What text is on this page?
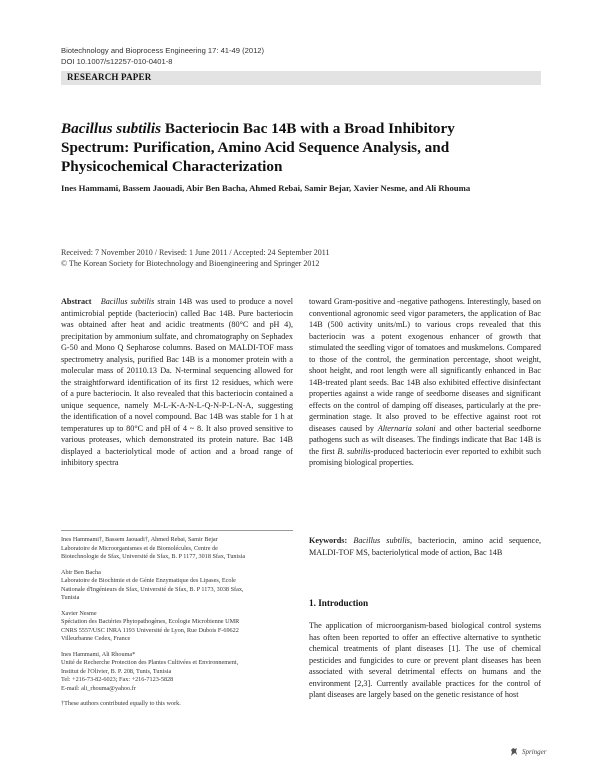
Biotechnology and Bioprocess Engineering 17: 41-49 (2012)
DOI 10.1007/s12257-010-0401-8
RESEARCH PAPER
Bacillus subtilis Bacteriocin Bac 14B with a Broad Inhibitory
Spectrum: Purification, Amino Acid Sequence Analysis, and
Physicochemical Characterization
Ines Hammami, Bassem Jaouadi, Abir Ben Bacha, Ahmed Rebai, Samir Bejar, Xavier Nesme, and Ali Rhouma
Received: 7 November 2010 / Revised: 1 June 2011 / Accepted: 24 September 2011
© The Korean Society for Biotechnology and Bioengineering and Springer 2012

Abstract Bacillus subtilis strain 14B was used to produce a novel antimicrobial peptide (bacteriocin) called Bac 14B. Pure bacteriocin was obtained after heat and acidic treatments (80°C and pH 4), precipitation by ammonium sulfate, and chromatography on Sephadex G-50 and Mono Q Sepharose columns. Based on MALDI-TOF mass spectrometry analysis, purified Bac 14B is a monomer protein with a molecular mass of 20110.13 Da. N-terminal sequencing allowed for the straightforward identification of its first 12 residues, which were of a pure bacteriocin. It also revealed that this bacteriocin contained a unique sequence, namely M-L-K-A-N-L-Q-N-P-L-N-A, suggesting the identification of a novel compound. Bac 14B was stable for 1 h at temperatures up to 80°C and pH of 4 ~ 8. It also proved sensitive to various proteases, which demonstrated its protein nature. Bac 14B displayed a bacteriolytical mode of action and a broad range of inhibitory spectra

toward Gram-positive and -negative pathogens. Interestingly, based on conventional agronomic seed vigor parameters, the application of Bac 14B (500 activity units/mL) to various crops revealed that this bacteriocin was a potent exogenous enhancer of growth that stimulated the seedling vigor of tomatoes and muskmelons. Compared to those of the control, the germination percentage, shoot weight, shoot height, and root length were all significantly enhanced in Bac 14B-treated plant seeds. Bac 14B also exhibited effective disinfectant properties against a wide range of seedborne diseases and significant effects on the control of damping off diseases, particularly at the pre-germination stage. It also proved to be effective against root rot diseases caused by Alternaria solani and other bacterial seedborne pathogens such as wilt diseases. The findings indicate that Bac 14B is the first B. subtilis-produced bacteriocin ever reported to exhibit such promising biological properties.

Ines Hammami†, Bassem Jaouadi†, Ahmed Rebai, Samir Bejar
Laboratoire de Microorganismes et de Biomolécules, Centre de
Biotechnologie de Sfax, Université de Sfax, B. P 1177, 3018 Sfax, Tunisia
Abir Ben Bacha
Laboratoire de Biochimie et de Génie Enzymatique des Lipases, Ecole
Nationale d'Ingénieurs de Sfax, Université de Sfax, B. P 1173, 3038 Sfax,
Tunisia
Xavier Nesme
Spéciation des Bactéries Phytopathogènes, Ecologie Microbienne UMR
CNRS 5557/USC INRA 1193 Université de Lyon, Rue Dubois F-69622
Villeurbanne Cedex, France
Ines Hammami, Ali Rhouma*
Unité de Recherche Protection des Plantes Cultivées et Environnement,
Institut de l'Olivier, B. P. 208, Tunis, Tunisia
Tel: +216-73-82-6023; Fax: +216-7123-5828
E-mail: ali_rhouma@yahoo.fr
†These authors contributed equally to this work.

Keywords: Bacillus subtilis, bacteriocin, amino acid sequence, MALDI-TOF MS, bacteriolytical mode of action, Bac 14B

1. Introduction

The application of microorganism-based biological control systems has often been reported to offer an effective alternative to synthetic chemical treatments of plant diseases [1]. The use of chemical pesticides and fungicides to cure or prevent plant diseases has been associated with several detrimental effects on humans and the environment [2,3]. Currently available practices for the control of plant diseases are largely based on the genetic resistance of host

Springer
